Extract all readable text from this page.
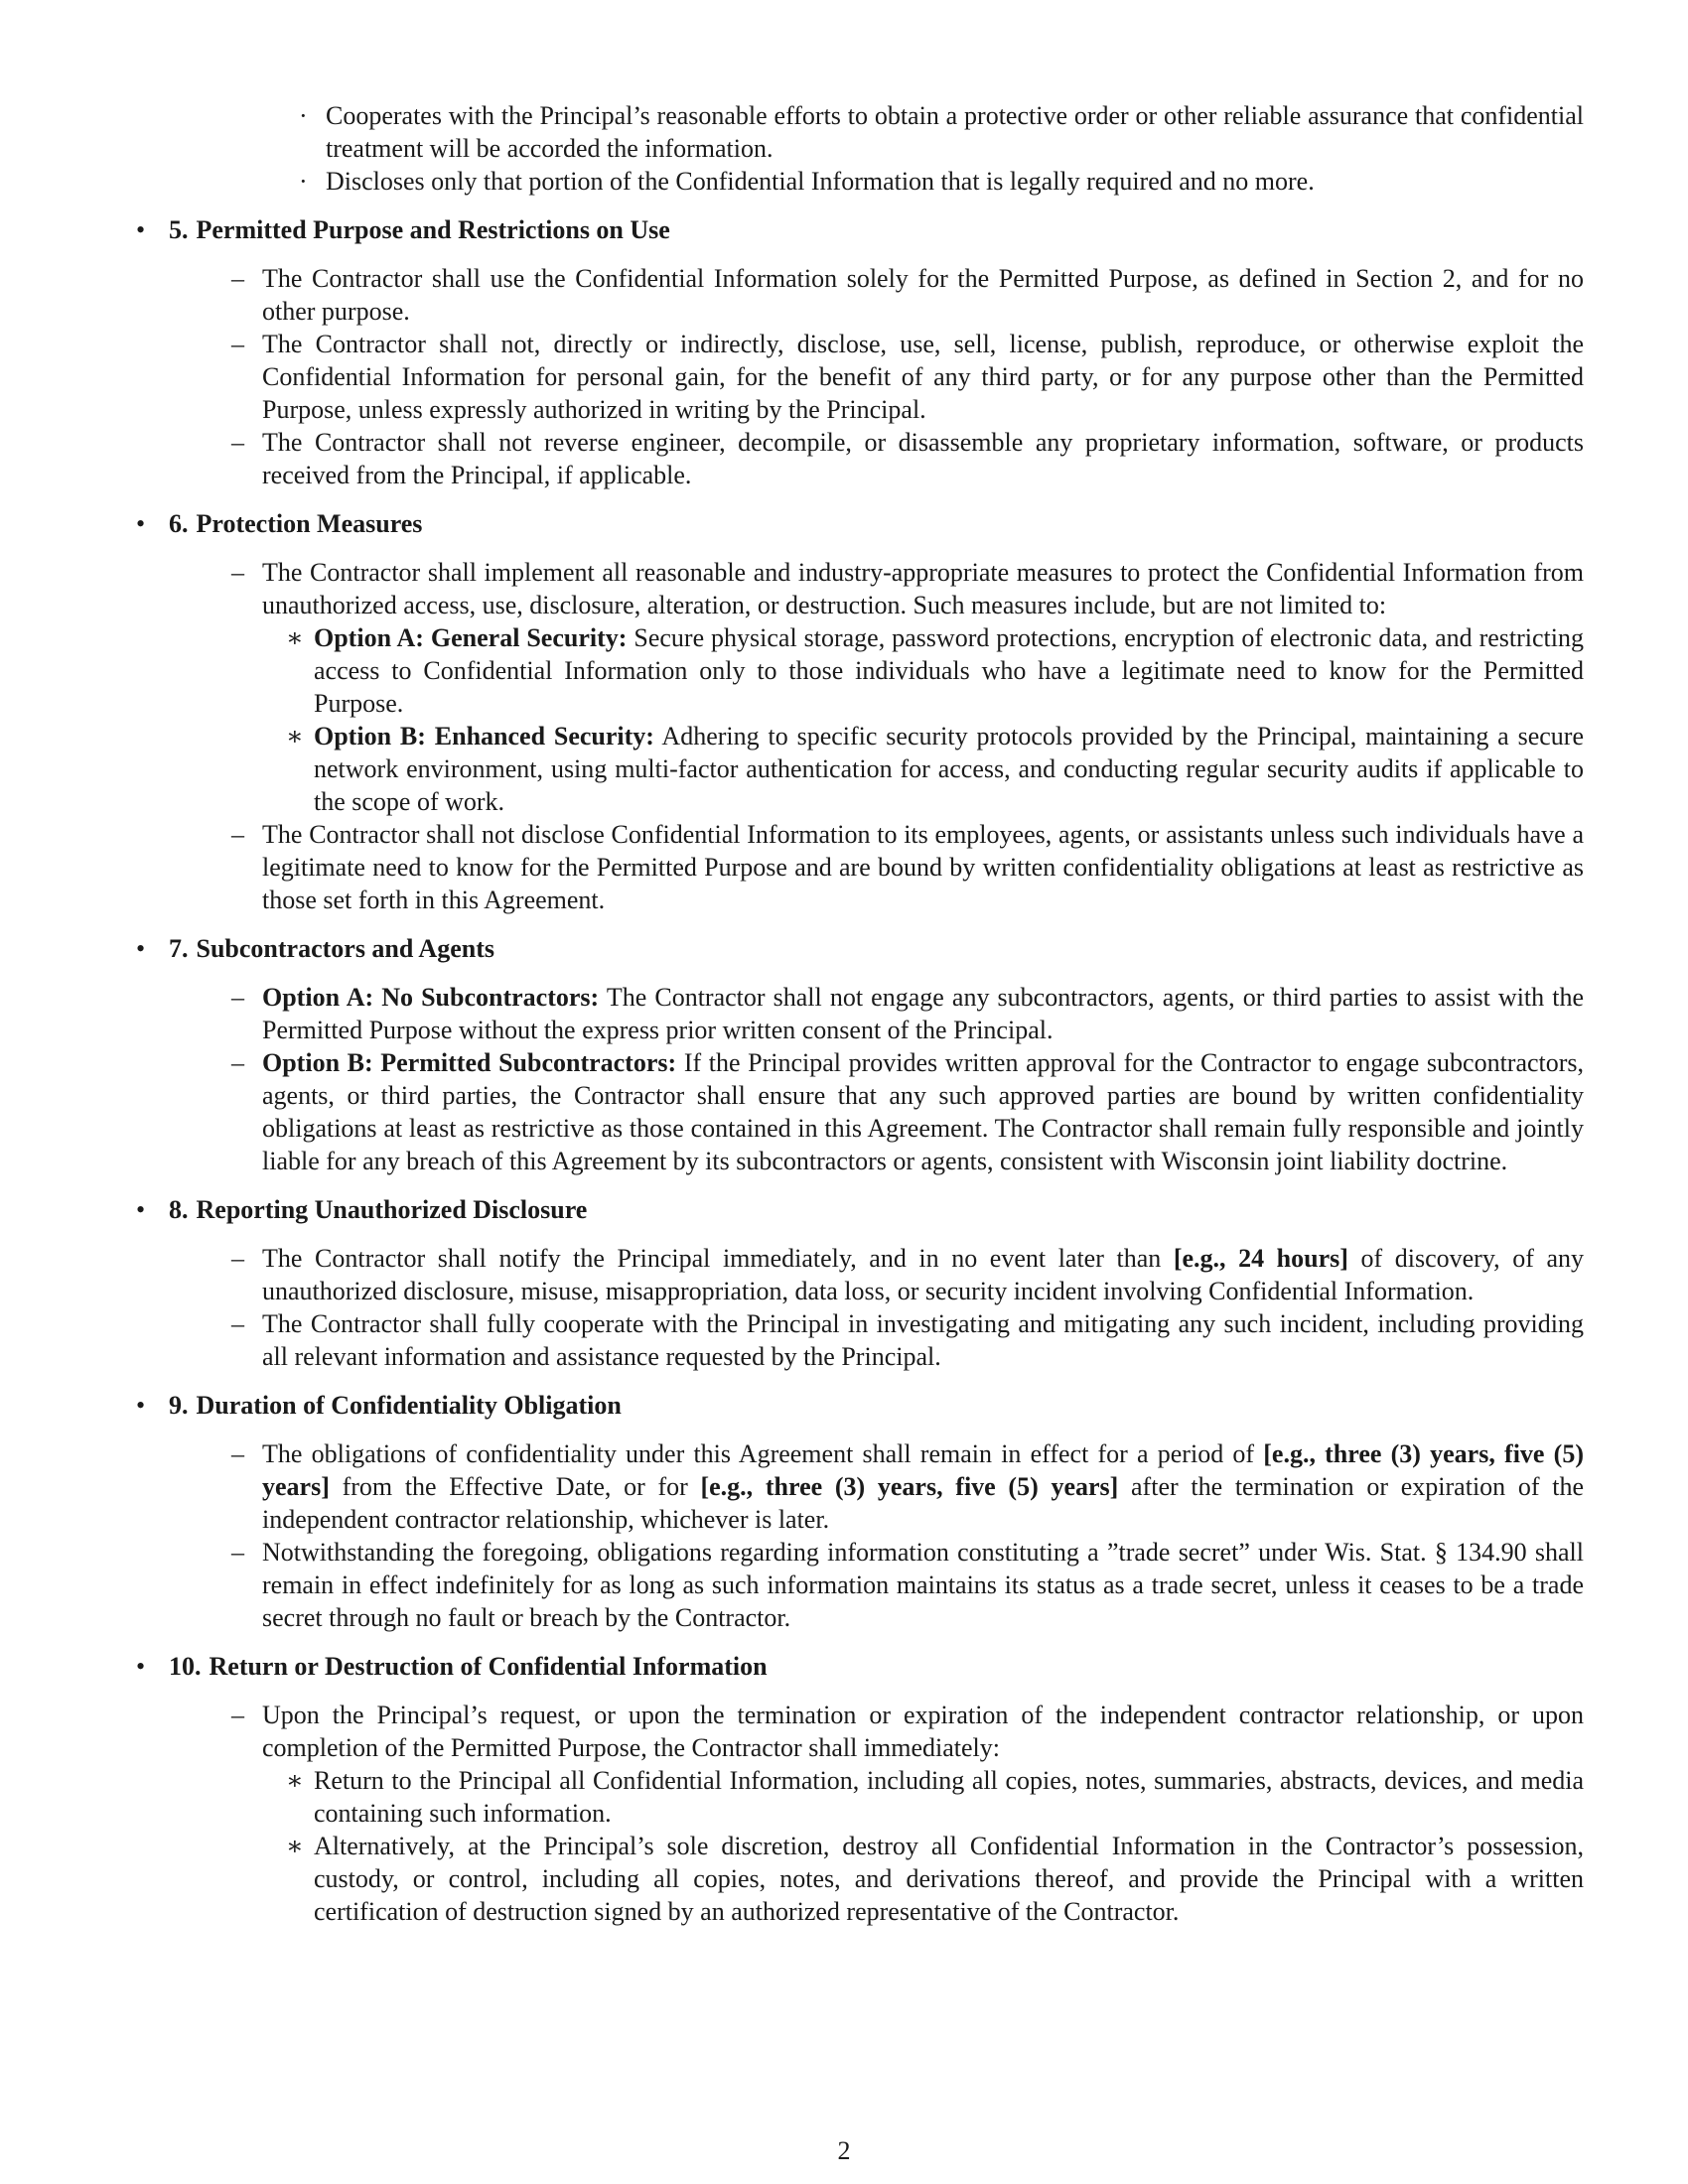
· Cooperates with the Principal’s reasonable efforts to obtain a protective order or other reliable assurance that confidential treatment will be accorded the information.
· Discloses only that portion of the Confidential Information that is legally required and no more.
• 5. Permitted Purpose and Restrictions on Use
– The Contractor shall use the Confidential Information solely for the Permitted Purpose, as defined in Section 2, and for no other purpose.
– The Contractor shall not, directly or indirectly, disclose, use, sell, license, publish, reproduce, or otherwise exploit the Confidential Information for personal gain, for the benefit of any third party, or for any purpose other than the Permitted Purpose, unless expressly authorized in writing by the Principal.
– The Contractor shall not reverse engineer, decompile, or disassemble any proprietary information, software, or products received from the Principal, if applicable.
• 6. Protection Measures
– The Contractor shall implement all reasonable and industry-appropriate measures to protect the Confidential Information from unauthorized access, use, disclosure, alteration, or destruction. Such measures include, but are not limited to:
∗ Option A: General Security: Secure physical storage, password protections, encryption of electronic data, and restricting access to Confidential Information only to those individuals who have a legitimate need to know for the Permitted Purpose.
∗ Option B: Enhanced Security: Adhering to specific security protocols provided by the Principal, maintaining a secure network environment, using multi-factor authentication for access, and conducting regular security audits if applicable to the scope of work.
– The Contractor shall not disclose Confidential Information to its employees, agents, or assistants unless such individuals have a legitimate need to know for the Permitted Purpose and are bound by written confidentiality obligations at least as restrictive as those set forth in this Agreement.
• 7. Subcontractors and Agents
– Option A: No Subcontractors: The Contractor shall not engage any subcontractors, agents, or third parties to assist with the Permitted Purpose without the express prior written consent of the Principal.
– Option B: Permitted Subcontractors: If the Principal provides written approval for the Contractor to engage subcontractors, agents, or third parties, the Contractor shall ensure that any such approved parties are bound by written confidentiality obligations at least as restrictive as those contained in this Agreement. The Contractor shall remain fully responsible and jointly liable for any breach of this Agreement by its subcontractors or agents, consistent with Wisconsin joint liability doctrine.
• 8. Reporting Unauthorized Disclosure
– The Contractor shall notify the Principal immediately, and in no event later than [e.g., 24 hours] of discovery, of any unauthorized disclosure, misuse, misappropriation, data loss, or security incident involving Confidential Information.
– The Contractor shall fully cooperate with the Principal in investigating and mitigating any such incident, including providing all relevant information and assistance requested by the Principal.
• 9. Duration of Confidentiality Obligation
– The obligations of confidentiality under this Agreement shall remain in effect for a period of [e.g., three (3) years, five (5) years] from the Effective Date, or for [e.g., three (3) years, five (5) years] after the termination or expiration of the independent contractor relationship, whichever is later.
– Notwithstanding the foregoing, obligations regarding information constituting a ”trade secret” under Wis. Stat. § 134.90 shall remain in effect indefinitely for as long as such information maintains its status as a trade secret, unless it ceases to be a trade secret through no fault or breach by the Contractor.
• 10. Return or Destruction of Confidential Information
– Upon the Principal’s request, or upon the termination or expiration of the independent contractor relationship, or upon completion of the Permitted Purpose, the Contractor shall immediately:
∗ Return to the Principal all Confidential Information, including all copies, notes, summaries, abstracts, devices, and media containing such information.
∗ Alternatively, at the Principal’s sole discretion, destroy all Confidential Information in the Contractor’s possession, custody, or control, including all copies, notes, and derivations thereof, and provide the Principal with a written certification of destruction signed by an authorized representative of the Contractor.
2
